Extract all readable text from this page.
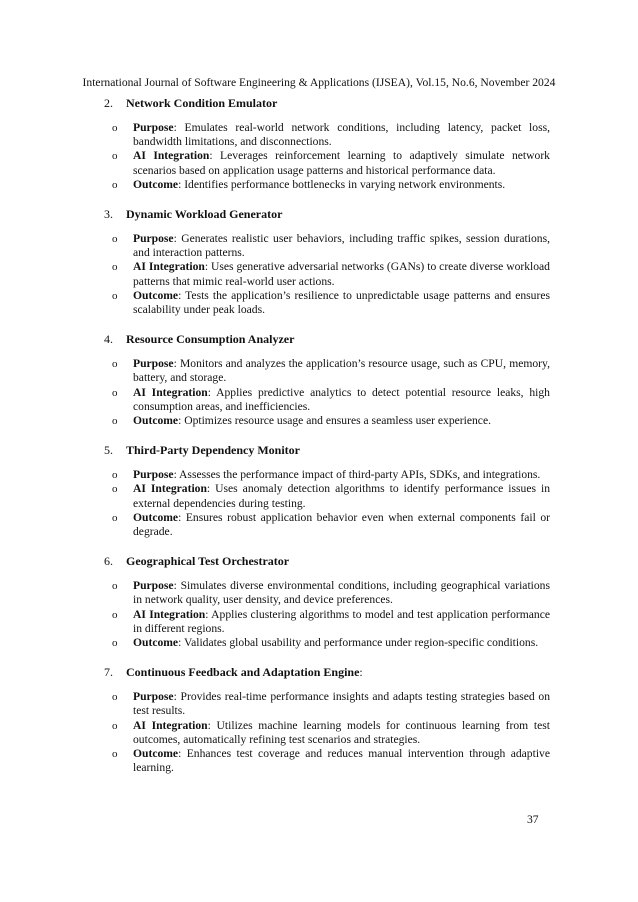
International Journal of Software Engineering & Applications (IJSEA), Vol.15, No.6, November 2024
2.	Network Condition Emulator
o	Purpose: Emulates real-world network conditions, including latency, packet loss, bandwidth limitations, and disconnections.
o	AI Integration: Leverages reinforcement learning to adaptively simulate network scenarios based on application usage patterns and historical performance data.
o	Outcome: Identifies performance bottlenecks in varying network environments.
3.	Dynamic Workload Generator
o	Purpose: Generates realistic user behaviors, including traffic spikes, session durations, and interaction patterns.
o	AI Integration: Uses generative adversarial networks (GANs) to create diverse workload patterns that mimic real-world user actions.
o	Outcome: Tests the application’s resilience to unpredictable usage patterns and ensures scalability under peak loads.
4.	Resource Consumption Analyzer
o	Purpose: Monitors and analyzes the application’s resource usage, such as CPU, memory, battery, and storage.
o	AI Integration: Applies predictive analytics to detect potential resource leaks, high consumption areas, and inefficiencies.
o	Outcome: Optimizes resource usage and ensures a seamless user experience.
5.	Third-Party Dependency Monitor
o	Purpose: Assesses the performance impact of third-party APIs, SDKs, and integrations.
o	AI Integration: Uses anomaly detection algorithms to identify performance issues in external dependencies during testing.
o	Outcome: Ensures robust application behavior even when external components fail or degrade.
6.	Geographical Test Orchestrator
o	Purpose: Simulates diverse environmental conditions, including geographical variations in network quality, user density, and device preferences.
o	AI Integration: Applies clustering algorithms to model and test application performance in different regions.
o	Outcome: Validates global usability and performance under region-specific conditions.
7.	Continuous Feedback and Adaptation Engine:
o	Purpose: Provides real-time performance insights and adapts testing strategies based on test results.
o	AI Integration: Utilizes machine learning models for continuous learning from test outcomes, automatically refining test scenarios and strategies.
o	Outcome: Enhances test coverage and reduces manual intervention through adaptive learning.
37
